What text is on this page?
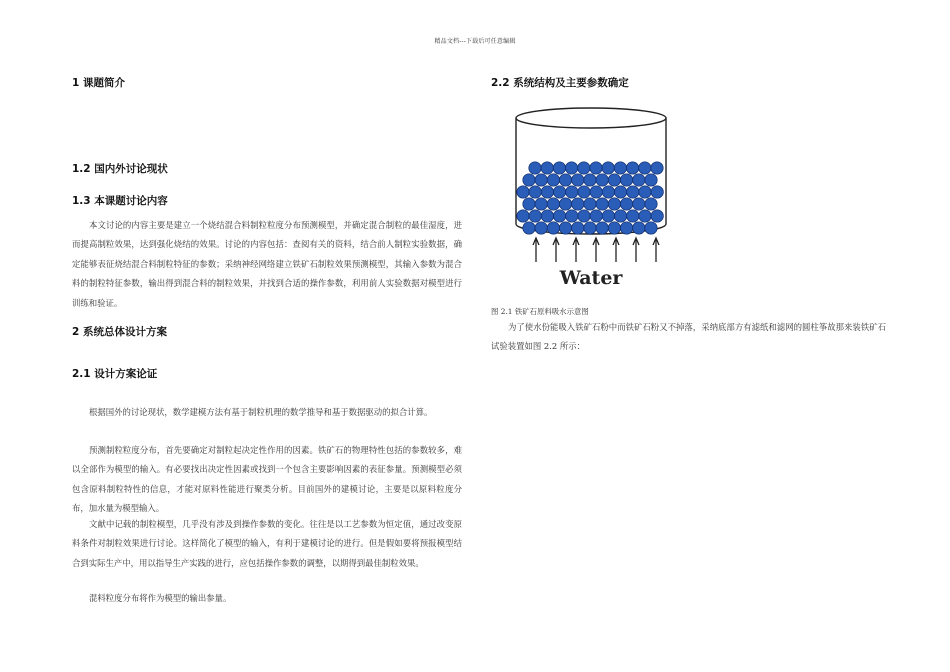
精品文档---下载后可任意编辑
1 课题简介
1.2 国内外讨论现状
1.3 本课题讨论内容
本文讨论的内容主要是建立一个烧结混合料制粒粒度分布预测模型，并确定混合制粒的最佳湿度，进而提高制粒效果，达到强化烧结的效果。讨论的内容包括：查阅有关的资料，结合前人制粒实验数据，确定能够表征烧结混合料制粒特征的参数；采纳神经网络建立铁矿石制粒效果预测模型，其输入参数为混合料的制粒特征参数，输出得到混合料的制粒效果，并找到合适的操作参数，利用前人实验数据对模型进行训练和验证。
2 系统总体设计方案
2.1 设计方案论证
根据国外的讨论现状，数学建模方法有基于制粒机理的数学推导和基于数据驱动的拟合计算。
预测制粒粒度分布，首先要确定对制粒起决定性作用的因素。铁矿石的物理特性包括的参数较多，难以全部作为模型的输入。有必要找出决定性因素或找到一个包含主要影响因素的表征参量。预测模型必须包含原料制粒特性的信息，才能对原料性能进行聚类分析。目前国外的建模讨论，主要是以原料粒度分布，加水量为模型输入。
文献中记载的制粒模型，几乎没有涉及到操作参数的变化。往往是以工艺参数为恒定值，通过改变原料条件对制粒效果进行讨论。这样简化了模型的输入，有利于建模讨论的进行。但是假如要将预报模型结合到实际生产中，用以指导生产实践的进行，应包括操作参数的调整，以期得到最佳制粒效果。
混料粒度分布将作为模型的输出参量。
2.2 系统结构及主要参数确定
Water
图 2.1 铁矿石原料吸水示意图
为了使水份能吸入铁矿石粉中而铁矿石粉又不掉落，采纳底部方有滤纸和滤网的圆柱筝故那来装铁矿石试验装置如图 2.2 所示：
